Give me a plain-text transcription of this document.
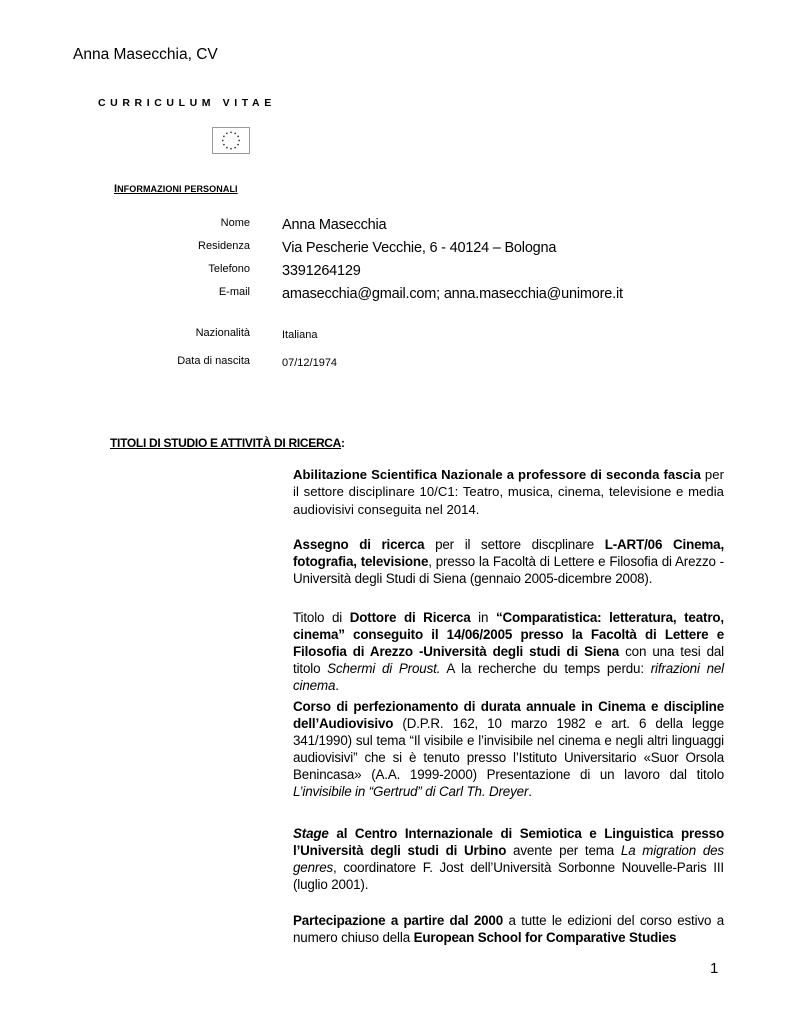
Anna Masecchia, CV
CURRICULUM VITAE
INFORMAZIONI PERSONALI
Nome Anna Masecchia
Residenza Via Pescherie Vecchie, 6 - 40124 – Bologna
Telefono 3391264129
E-mail amasecchia@gmail.com; anna.masecchia@unimore.it
Nazionalità	Italiana
Data di nascita	07/12/1974
TITOLI DI STUDIO E ATTIVITÀ DI RICERCA:
Abilitazione Scientifica Nazionale a professore di seconda fascia per il settore disciplinare 10/C1: Teatro, musica, cinema, televisione e media audiovisivi conseguita nel 2014.
Assegno di ricerca per il settore discplinare L-ART/06 Cinema, fotografia, televisione, presso la Facoltà di Lettere e Filosofia di Arezzo - Università degli Studi di Siena (gennaio 2005-dicembre 2008).
Titolo di Dottore di Ricerca in “Comparatistica: letteratura, teatro, cinema” conseguito il 14/06/2005 presso la Facoltà di Lettere e Filosofia di Arezzo -Università degli studi di Siena con una tesi dal titolo Schermi di Proust. A la recherche du temps perdu: rifrazioni nel cinema.
Corso di perfezionamento di durata annuale in Cinema e discipline dell’Audiovisivo (D.P.R. 162, 10 marzo 1982 e art. 6 della legge 341/1990) sul tema “Il visibile e l’invisibile nel cinema e negli altri linguaggi audiovisivi” che si è tenuto presso l’Istituto Universitario «Suor Orsola Benincasa» (A.A. 1999-2000) Presentazione di un lavoro dal titolo L’invisibile in “Gertrud” di Carl Th. Dreyer.
Stage al Centro Internazionale di Semiotica e Linguistica presso l’Università degli studi di Urbino avente per tema La migration des genres, coordinatore F. Jost dell’Università Sorbonne Nouvelle-Paris III (luglio 2001).
Partecipazione a partire dal 2000 a tutte le edizioni del corso estivo a numero chiuso della European School for Comparative Studies
1
